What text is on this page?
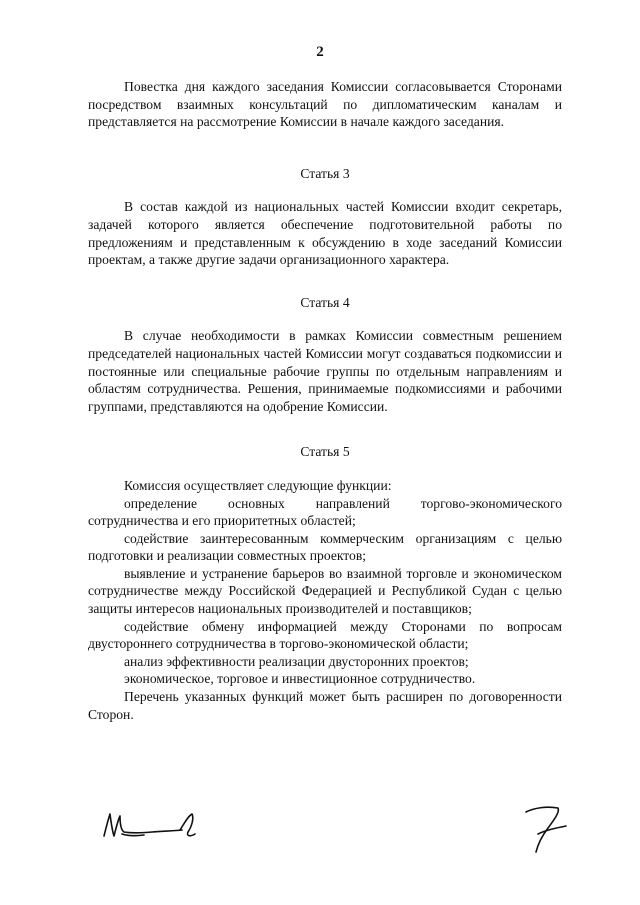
2

Повестка дня каждого заседания Комиссии согласовывается Сторонами посредством взаимных консультаций по дипломатическим каналам и представляется на рассмотрение Комиссии в начале каждого заседания.

Статья 3

В состав каждой из национальных частей Комиссии входит секретарь, задачей которого является обеспечение подготовительной работы по предложениям и представленным к обсуждению в ходе заседаний Комиссии проектам, а также другие задачи организационного характера.

Статья 4

В случае необходимости в рамках Комиссии совместным решением председателей национальных частей Комиссии могут создаваться подкомиссии и постоянные или специальные рабочие группы по отдельным направлениям и областям сотрудничества. Решения, принимаемые подкомиссиями и рабочими группами, представляются на одобрение Комиссии.

Статья 5

Комиссия осуществляет следующие функции:

определение основных направлений торгово-экономического сотрудничества и его приоритетных областей;

содействие заинтересованным коммерческим организациям с целью подготовки и реализации совместных проектов;

выявление и устранение барьеров во взаимной торговле и экономическом сотрудничестве между Российской Федерацией и Республикой Судан с целью защиты интересов национальных производителей и поставщиков;

содействие обмену информацией между Сторонами по вопросам двустороннего сотрудничества в торгово-экономической области;

анализ эффективности реализации двусторонних проектов;

экономическое, торговое и инвестиционное сотрудничество.

Перечень указанных функций может быть расширен по договоренности Сторон.
